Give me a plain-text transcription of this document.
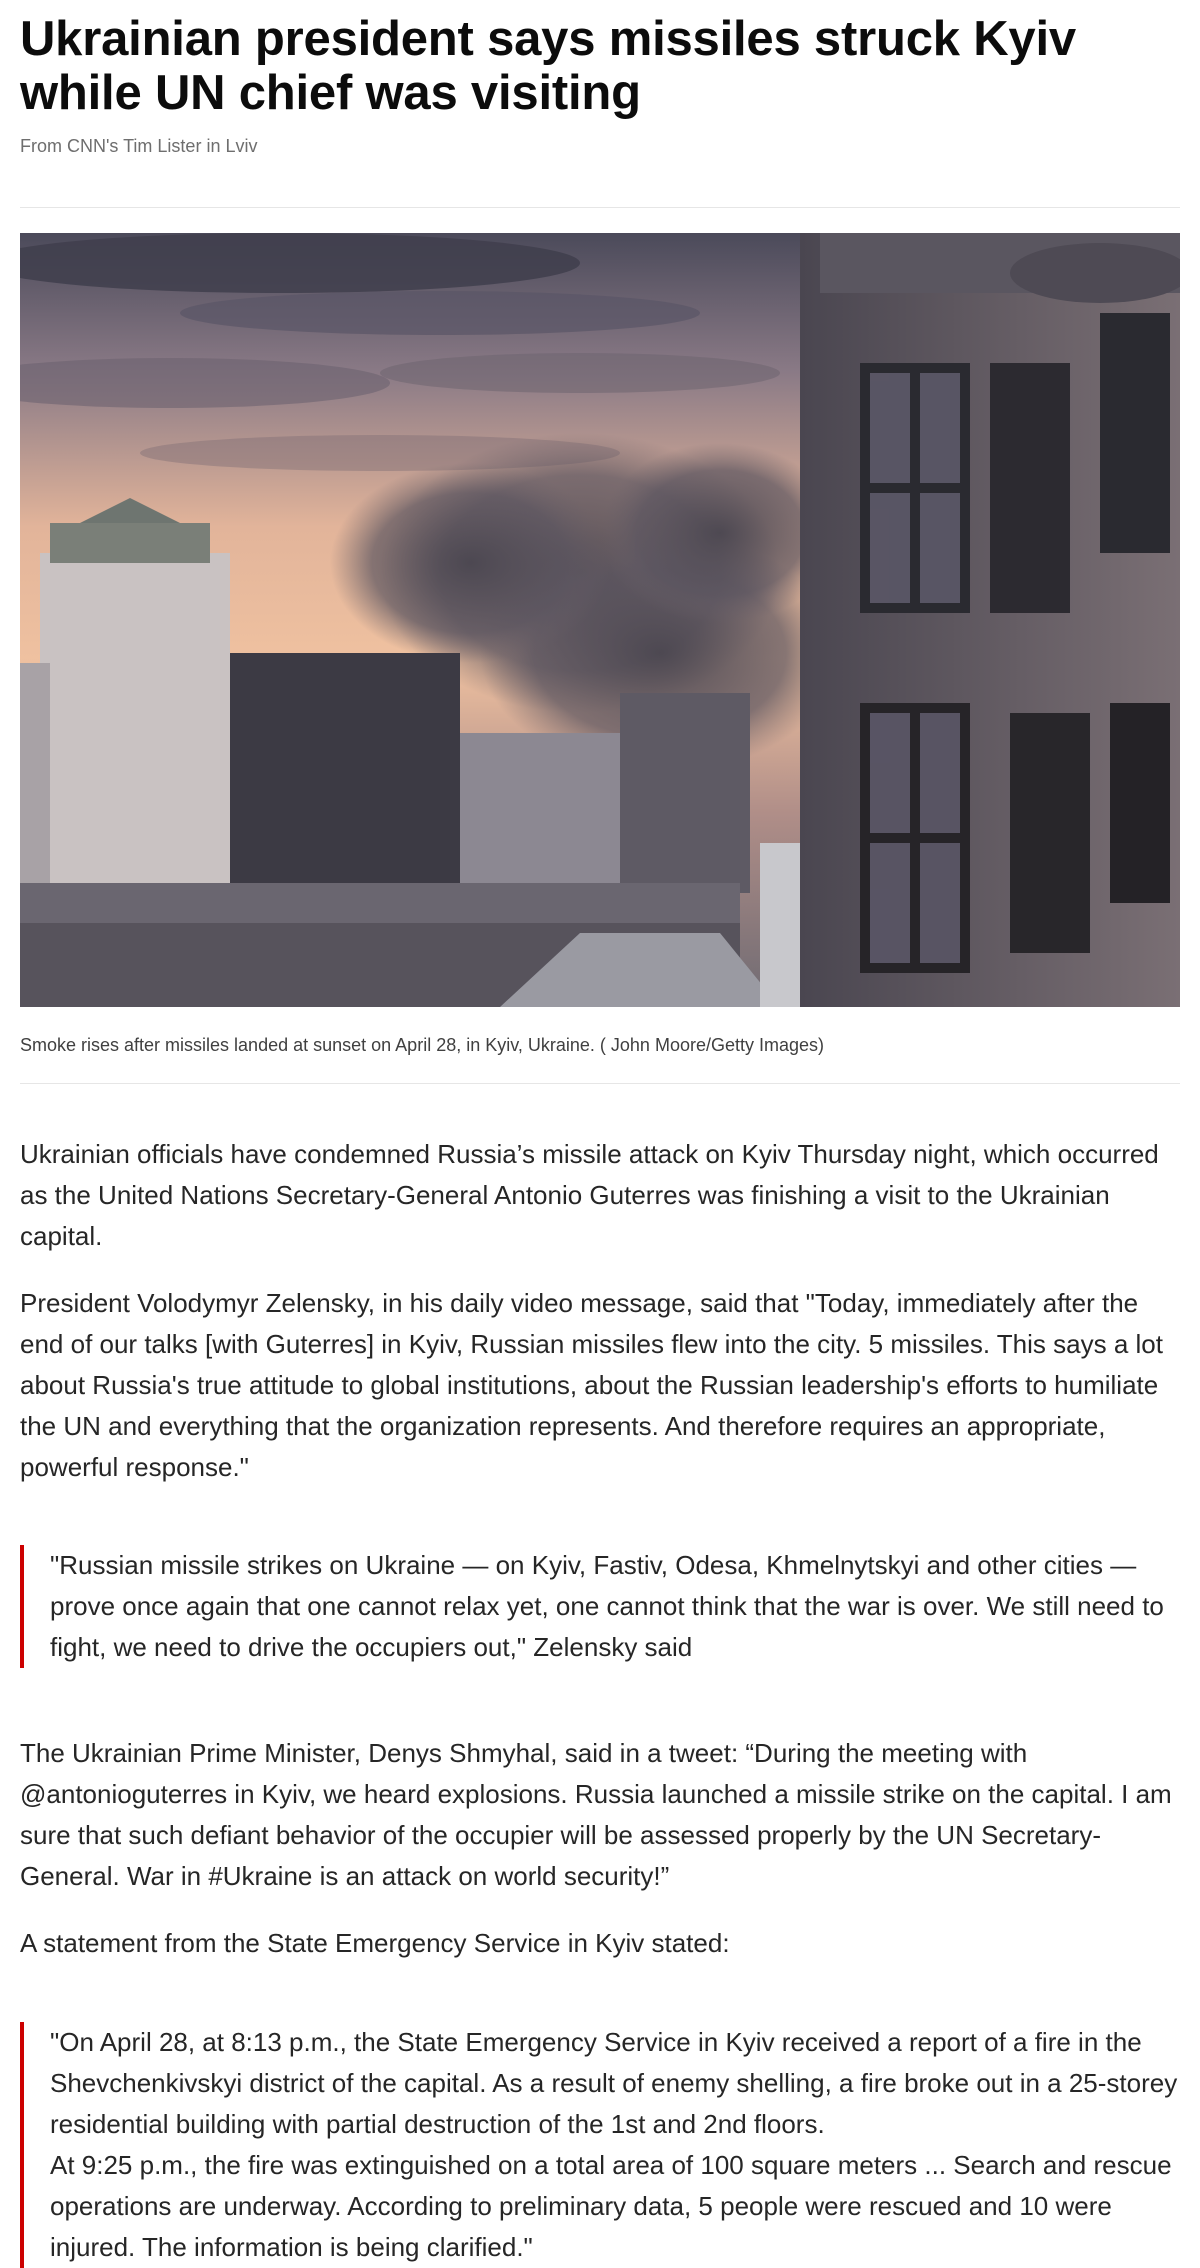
Ukrainian president says missiles struck Kyiv while UN chief was visiting
From CNN's Tim Lister in Lviv
Smoke rises after missiles landed at sunset on April 28, in Kyiv, Ukraine. ( John Moore/Getty Images)

Ukrainian officials have condemned Russia’s missile attack on Kyiv Thursday night, which occurred as the United Nations Secretary-General Antonio Guterres was finishing a visit to the Ukrainian capital.

President Volodymyr Zelensky, in his daily video message, said that "Today, immediately after the end of our talks [with Guterres] in Kyiv, Russian missiles flew into the city. 5 missiles. This says a lot about Russia's true attitude to global institutions, about the Russian leadership's efforts to humiliate the UN and everything that the organization represents. And therefore requires an appropriate, powerful response."

"Russian missile strikes on Ukraine — on Kyiv, Fastiv, Odesa, Khmelnytskyi and other cities — prove once again that one cannot relax yet, one cannot think that the war is over. We still need to fight, we need to drive the occupiers out," Zelensky said

The Ukrainian Prime Minister, Denys Shmyhal, said in a tweet: “During the meeting with @antonioguterres in Kyiv, we heard explosions. Russia launched a missile strike on the capital. I am sure that such defiant behavior of the occupier will be assessed properly by the UN Secretary-General. War in #Ukraine is an attack on world security!”

A statement from the State Emergency Service in Kyiv stated:

"On April 28, at 8:13 p.m., the State Emergency Service in Kyiv received a report of a fire in the Shevchenkivskyi district of the capital. As a result of enemy shelling, a fire broke out in a 25-storey residential building with partial destruction of the 1st and 2nd floors.

At 9:25 p.m., the fire was extinguished on a total area of 100 square meters ... Search and rescue operations are underway. According to preliminary data, 5 people were rescued and 10 were injured. The information is being clarified."
